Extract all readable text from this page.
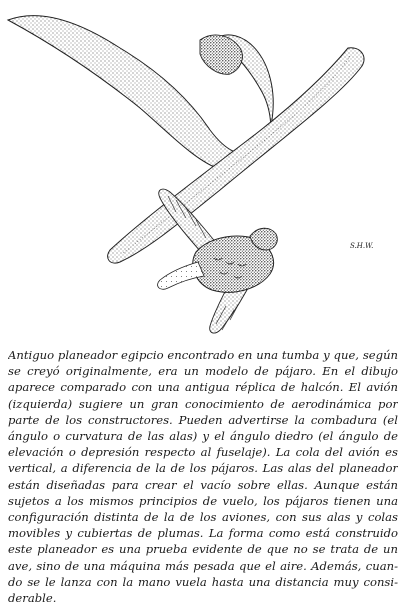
S.H.W.
Antiguo planeador egipcio encontrado en una tumba y que, según
se creyó originalmente, era un modelo de pájaro. En el dibujo
aparece comparado con una antigua réplica de halcón. El avión
(izquierda) sugiere un gran conocimiento de aerodinámica por
parte de los constructores. Pueden advertirse la combadura (el
ángulo o curvatura de las alas) y el ángulo diedro (el ángulo de
elevación o depresión respecto al fuselaje). La cola del avión es
vertical, a diferencia de la de los pájaros. Las alas del planeador
están diseñadas para crear el vacío sobre ellas. Aunque están
sujetos a los mismos principios de vuelo, los pájaros tienen una
configuración distinta de la de los aviones, con sus alas y colas
movibles y cubiertas de plumas. La forma como está construido
este planeador es una prueba evidente de que no se trata de un
ave, sino de una máquina más pesada que el aire. Además, cuan-
do se le lanza con la mano vuela hasta una distancia muy consi-
derable.
